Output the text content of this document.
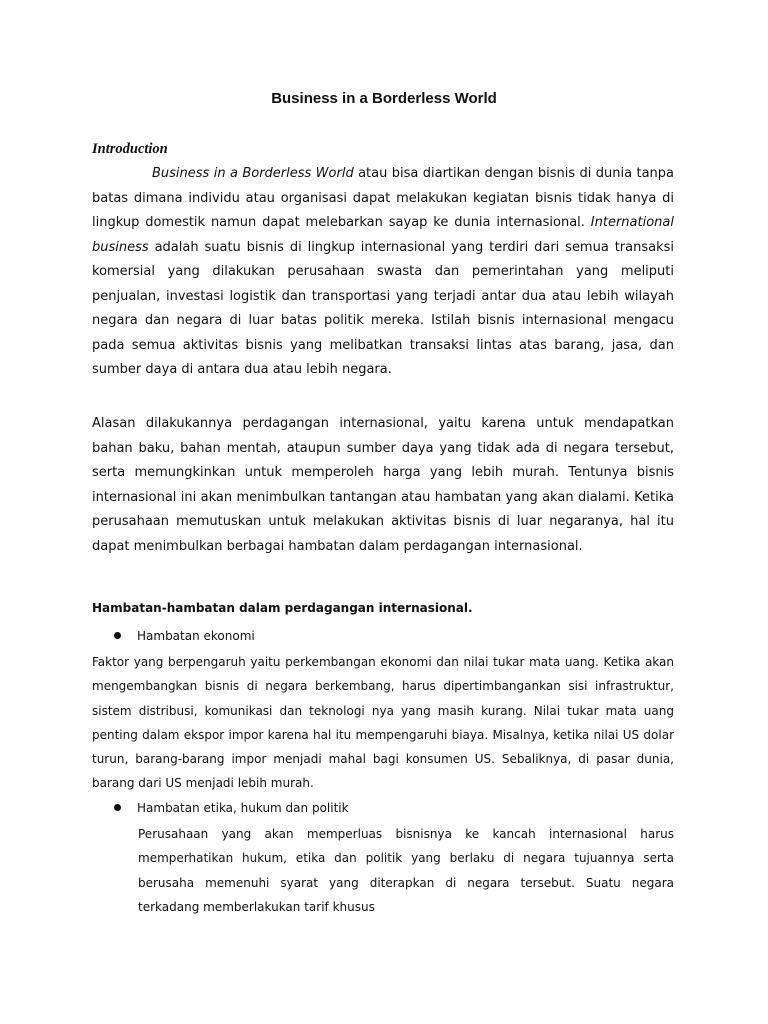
Business in a Borderless World
Introduction

Business in a Borderless World atau bisa diartikan dengan bisnis di dunia tanpa batas dimana individu atau organisasi dapat melakukan kegiatan bisnis tidak hanya di lingkup domestik namun dapat melebarkan sayap ke dunia internasional. International business adalah suatu bisnis di lingkup internasional yang terdiri dari semua transaksi komersial yang dilakukan perusahaan swasta dan pemerintahan yang meliputi penjualan, investasi logistik dan transportasi yang terjadi antar dua atau lebih wilayah negara dan negara di luar batas politik mereka. Istilah bisnis internasional mengacu pada semua aktivitas bisnis yang melibatkan transaksi lintas atas barang, jasa, dan sumber daya di antara dua atau lebih negara.

Alasan dilakukannya perdagangan internasional, yaitu karena untuk mendapatkan bahan baku, bahan mentah, ataupun sumber daya yang tidak ada di negara tersebut, serta memungkinkan untuk memperoleh harga yang lebih murah. Tentunya bisnis internasional ini akan menimbulkan tantangan atau hambatan yang akan dialami. Ketika perusahaan memutuskan untuk melakukan aktivitas bisnis di luar negaranya, hal itu dapat menimbulkan berbagai hambatan dalam perdagangan internasional.

Hambatan-hambatan dalam perdagangan internasional.
Hambatan ekonomi

Faktor yang berpengaruh yaitu perkembangan ekonomi dan nilai tukar mata uang. Ketika akan mengembangkan bisnis di negara berkembang, harus dipertimbangankan sisi infrastruktur, sistem distribusi, komunikasi dan teknologi nya yang masih kurang. Nilai tukar mata uang penting dalam ekspor impor karena hal itu mempengaruhi biaya. Misalnya, ketika nilai US dolar turun, barang-barang impor menjadi mahal bagi konsumen US. Sebaliknya, di pasar dunia, barang dari US menjadi lebih murah.

Hambatan etika, hukum dan politik

Perusahaan yang akan memperluas bisnisnya ke kancah internasional harus memperhatikan hukum, etika dan politik yang berlaku di negara tujuannya serta berusaha memenuhi syarat yang diterapkan di negara tersebut. Suatu negara terkadang memberlakukan tarif khusus
